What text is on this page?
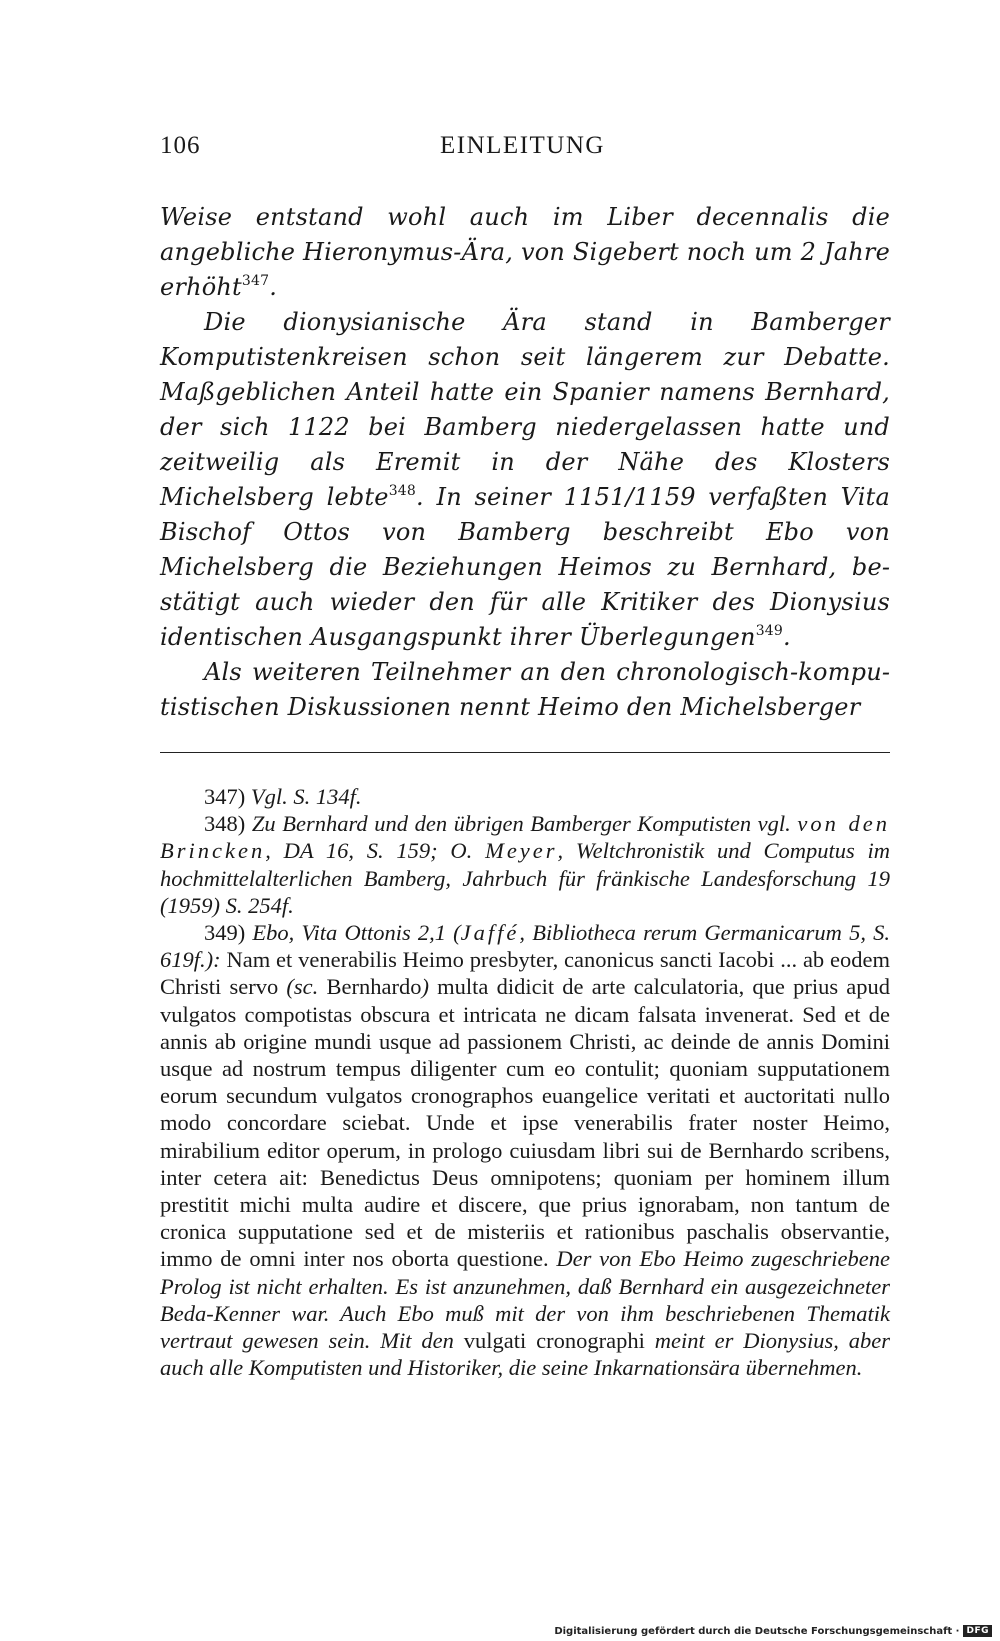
106	EINLEITUNG

Weise entstand wohl auch im Liber decennalis die angebliche Hieronymus-Ära, von Sigebert noch um 2 Jahre erhöht$^{347}$.

Die dionysianische Ära stand in Bamberger Komputistenkreisen schon seit längerem zur Debatte. Maßgeblichen Anteil hatte ein Spanier namens Bernhard, der sich 1122 bei Bamberg niedergelassen hatte und zeitweilig als Eremit in der Nähe des Klosters Michelsberg lebte$^{348}$. In seiner 1151/1159 verfaßten Vita Bischof Ottos von Bamberg beschreibt Ebo von Michelsberg die Beziehungen Heimos zu Bernhard, bestätigt auch wieder den für alle Kritiker des Dionysius identischen Ausgangspunkt ihrer Überlegungen$^{349}$.

Als weiteren Teilnehmer an den chronologisch-komputistischen Diskussionen nennt Heimo den Michelsberger

347) Vgl. S. 134f.

348) Zu Bernhard und den übrigen Bamberger Komputisten vgl. von den Brincken, DA 16, S. 159; O. Meyer, Weltchronistik und Computus im hochmittelalterlichen Bamberg, Jahrbuch für fränkische Landesforschung 19 (1959) S. 254f.

349) Ebo, Vita Ottonis 2,1 (Jaffé, Bibliotheca rerum Germanicarum 5, S. 619f.): Nam et venerabilis Heimo presbyter, canonicus sancti Iacobi ... ab eodem Christi servo (sc. Bernhardo) multa didicit de arte calculatoria, que prius apud vulgatos compotistas obscura et intricata ne dicam falsata invenerat. Sed et de annis ab origine mundi usque ad passionem Christi, ac deinde de annis Domini usque ad nostrum tempus diligenter cum eo contulit; quoniam supputationem eorum secundum vulgatos cronographos euangelice veritati et auctoritati nullo modo concordare sciebat. Unde et ipse venerabilis frater noster Heimo, mirabilium editor operum, in prologo cuiusdam libri sui de Bernhardo scribens, inter cetera ait: Benedictus Deus omnipotens; quoniam per hominem illum prestitit michi multa audire et discere, que prius ignorabam, non tantum de cronica supputatione sed et de misteriis et rationibus paschalis observantie, immo de omni inter nos oborta questione. Der von Ebo Heimo zugeschriebene Prolog ist nicht erhalten. Es ist anzunehmen, daß Bernhard ein ausgezeichneter Beda-Kenner war. Auch Ebo muß mit der von ihm beschriebenen Thematik vertraut gewesen sein. Mit den vulgati cronographi meint er Dionysius, aber auch alle Komputisten und Historiker, die seine Inkarnationsära übernehmen.

Digitalisierung gefördert durch die Deutsche Forschungsgemeinschaft · DFG
